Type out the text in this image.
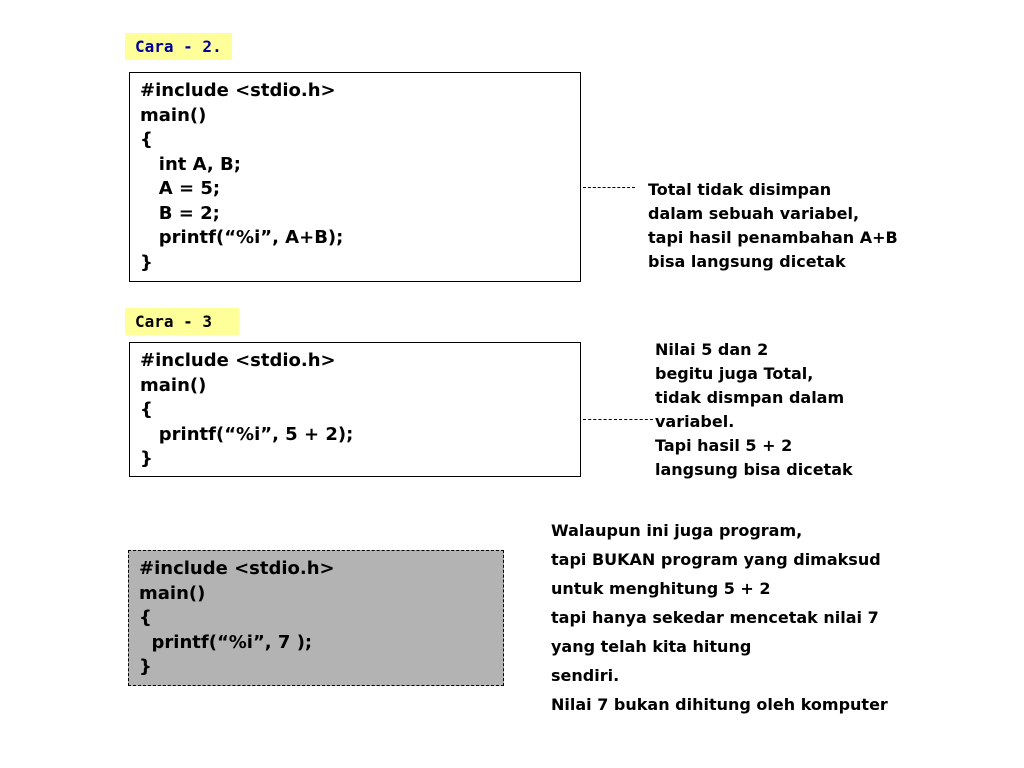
Cara - 2.
#include <stdio.h>
main()
{
int A, B;
A = 5;
B = 2;
printf(“%i”, A+B);
}
Total tidak disimpan
dalam sebuah variabel,
tapi hasil penambahan A+B
bisa langsung dicetak
Cara - 3
#include <stdio.h>
main()
{
printf(“%i”, 5 + 2);
}
Nilai 5 dan 2
begitu juga Total,
tidak dismpan dalam
variabel.
Tapi hasil 5 + 2
langsung bisa dicetak
#include <stdio.h>
main()
{
printf(“%i”, 7 );
}
Walaupun ini juga program,
tapi BUKAN program yang dimaksud
untuk menghitung 5 + 2
tapi hanya sekedar mencetak nilai 7
yang telah kita hitung
sendiri.
Nilai 7 bukan dihitung oleh komputer
